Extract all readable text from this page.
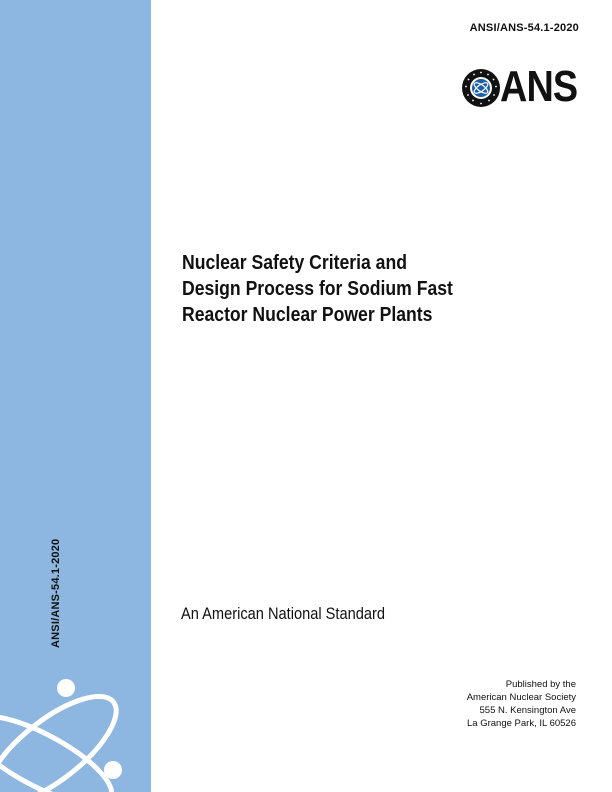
ANSI/ANS-54.1-2020
ANSI/ANS-54.1-2020
ANS
Nuclear Safety Criteria and
Design Process for Sodium Fast
Reactor Nuclear Power Plants
An American National Standard
Published by the
American Nuclear Society
555 N. Kensington Ave
La Grange Park, IL 60526
